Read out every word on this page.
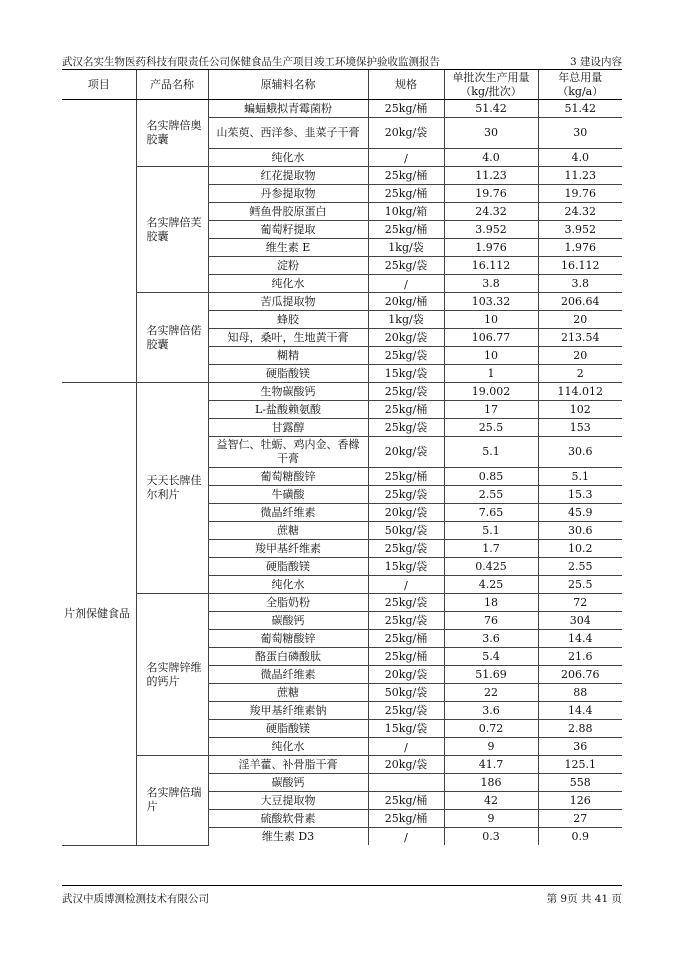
武汉名实生物医药科技有限责任公司保健食品生产项目竣工环境保护验收监测报告	3 建设内容
项目	产品名称	原辅料名称	规格	单批次生产用量（kg/批次）	年总用量（kg/a）
	名实牌倍奥胶囊	蝙蝠蛾拟青霉菌粉	25kg/桶	51.42	51.42
		山茱萸、西洋参、韭菜子干膏	20kg/袋	30	30
		纯化水	/	4.0	4.0
	名实牌倍芙胶囊	红花提取物	25kg/桶	11.23	11.23
		丹参提取物	25kg/桶	19.76	19.76
		鳕鱼骨胶原蛋白	10kg/箱	24.32	24.32
		葡萄籽提取	25kg/桶	3.952	3.952
		维生素 E	1kg/袋	1.976	1.976
		淀粉	25kg/袋	16.112	16.112
		纯化水	/	3.8	3.8
	名实牌倍偌胶囊	苦瓜提取物	20kg/桶	103.32	206.64
		蜂胶	1kg/袋	10	20
		知母，桑叶，生地黄干膏	20kg/袋	106.77	213.54
		糊精	25kg/袋	10	20
		硬脂酸镁	15kg/袋	1	2
片剂保健食品	天天长牌佳尔利片	生物碳酸钙	25kg/袋	19.002	114.012
		L-盐酸赖氨酸	25kg/桶	17	102
		甘露醇	25kg/袋	25.5	153
		益智仁、牡蛎、鸡内金、香橼干膏	20kg/袋	5.1	30.6
		葡萄糖酸锌	25kg/桶	0.85	5.1
		牛磺酸	25kg/袋	2.55	15.3
		微晶纤维素	20kg/袋	7.65	45.9
		蔗糖	50kg/袋	5.1	30.6
		羧甲基纤维素	25kg/袋	1.7	10.2
		硬脂酸镁	15kg/袋	0.425	2.55
		纯化水	/	4.25	25.5
	名实牌锌维的钙片	全脂奶粉	25kg/袋	18	72
		碳酸钙	25kg/袋	76	304
		葡萄糖酸锌	25kg/桶	3.6	14.4
		酪蛋白磷酸肽	25kg/桶	5.4	21.6
		微晶纤维素	20kg/袋	51.69	206.76
		蔗糖	50kg/袋	22	88
		羧甲基纤维素钠	25kg/袋	3.6	14.4
		硬脂酸镁	15kg/袋	0.72	2.88
		纯化水	/	9	36
	名实牌倍瑞片	淫羊藿、补骨脂干膏	20kg/袋	41.7	125.1
		碳酸钙		186	558
		大豆提取物	25kg/桶	42	126
		硫酸软骨素	25kg/桶	9	27
		维生素 D3	/	0.3	0.9
武汉中质博测检测技术有限公司	第 9页 共 41 页
